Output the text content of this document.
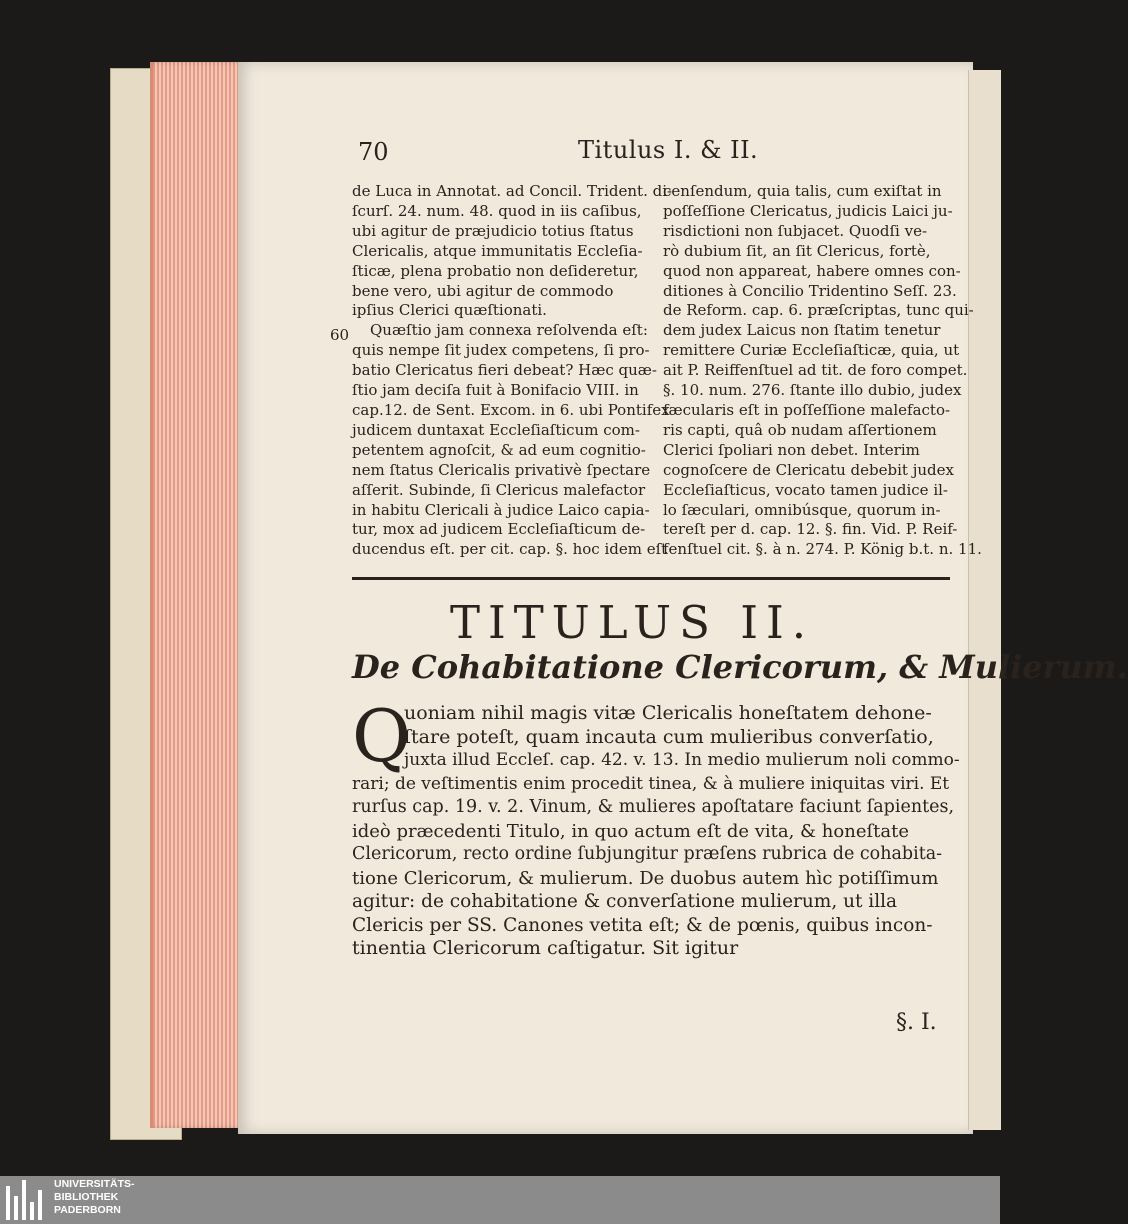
70	Titulus I. & II.
de Luca in Annotat. ad Concil. Trident. di-
ſcurſ. 24. num. 48. quod in iis caſibus,
ubi agitur de præjudicio totius ſtatus
Clericalis, atque immunitatis Eccleſia-
ſticæ, plena probatio non deſideretur,
bene vero, ubi agitur de commodo
ipſius Clerici quæſtionati.
Quæſtio jam connexa reſolvenda eſt:
quis nempe ſit judex competens, ſi pro-
batio Clericatus fieri debeat? Hæc quæ-
ſtio jam deciſa fuit à Bonifacio VIII. in
cap.12. de Sent. Excom. in 6. ubi Pontifex
judicem duntaxat Eccleſiaſticum com-
petentem agnoſcit, & ad eum cognitio-
nem ſtatus Clericalis privativè ſpectare
aſſerit. Subinde, ſi Clericus malefactor
in habitu Clericali à judice Laico capia-
tur, mox ad judicem Eccleſiaſticum de-
ducendus eſt. per cit. cap. §. hoc idem eſt
60
cenſendum, quia talis, cum exiſtat in
poſſeſſione Clericatus, judicis Laici ju-
risdictioni non ſubjacet. Quodſi ve-
rò dubium ſit, an ſit Clericus, fortè,
quod non appareat, habere omnes con-
ditiones à Concilio Tridentino Seſſ. 23.
de Reform. cap. 6. præſcriptas, tunc qui-
dem judex Laicus non ſtatim tenetur
remittere Curiæ Eccleſiaſticæ, quia, ut
ait P. Reiffenſtuel ad tit. de foro compet.
§. 10. num. 276. ſtante illo dubio, judex
ſæcularis eſt in poſſeſſione malefacto-
ris capti, quâ ob nudam aſſertionem
Clerici ſpoliari non debet. Interim
cognoſcere de Clericatu debebit judex
Eccleſiaſticus, vocato tamen judice il-
lo ſæculari, omnibúsque, quorum in-
tereſt per d. cap. 12. §. fin. Vid. P. Reif-
fenſtuel cit. §. à n. 274. P. König b.t. n. 11.
TITULUS II.
De Cohabitatione Clericorum, & Mulierum.
Q
uoniam nihil magis vitæ Clericalis honeſtatem dehone-
ſtare poteſt, quam incauta cum mulieribus converſatio,
juxta illud Eccleſ. cap. 42. v. 13. In medio mulierum noli commo-
rari; de veſtimentis enim procedit tinea, & à muliere iniquitas viri. Et
rurſus cap. 19. v. 2. Vinum, & mulieres apoſtatare faciunt ſapientes,
ideò præcedenti Titulo, in quo actum eſt de vita, & honeſtate
Clericorum, recto ordine ſubjungitur præſens rubrica de cohabita-
tione Clericorum, & mulierum. De duobus autem hìc potiſſimum
agitur: de cohabitatione & converſatione mulierum, ut illa
Clericis per SS. Canones vetita eſt; & de pœnis, quibus incon-
tinentia Clericorum caſtigatur. Sit igitur
§. I.
UNIVERSITÄTS-
BIBLIOTHEK
PADERBORN
